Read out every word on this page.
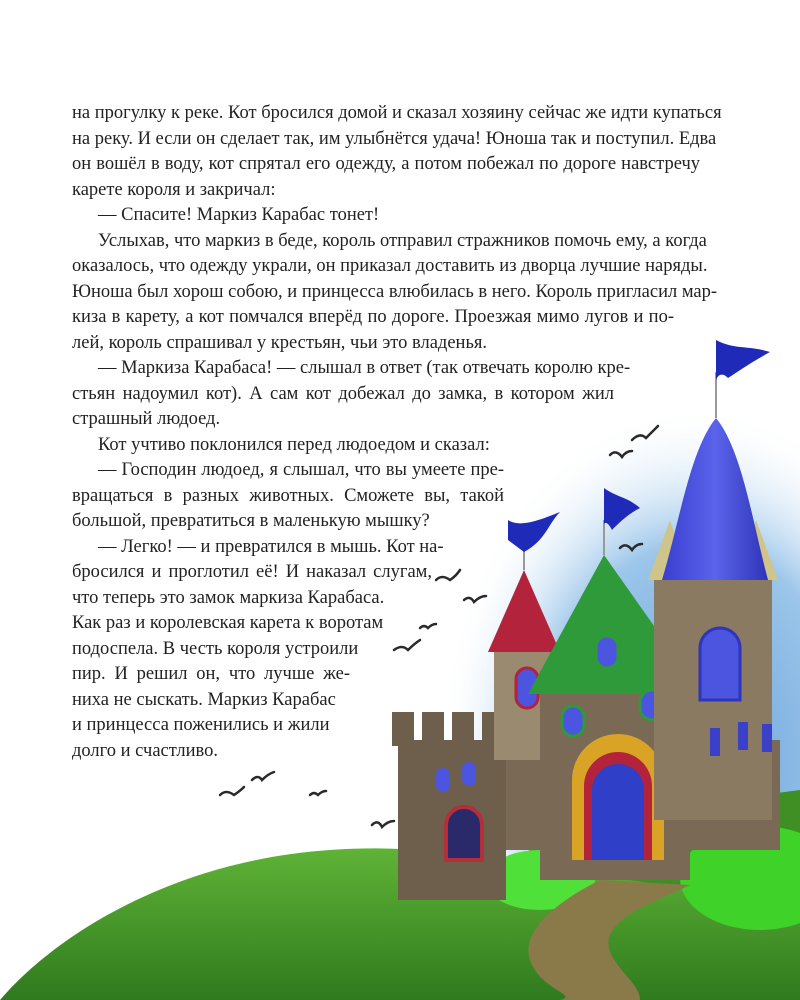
на прогулку к реке. Кот бросился домой и сказал хозяину сейчас же идти купаться
на реку. И если он сделает так, им улыбнётся удача! Юноша так и поступил. Едва
он вошёл в воду, кот спрятал его одежду, а потом побежал по дороге навстречу
карете короля и закричал:
— Спасите! Маркиз Карабас тонет!
Услыхав, что маркиз в беде, король отправил стражников помочь ему, а когда
оказалось, что одежду украли, он приказал доставить из дворца лучшие наряды.
Юноша был хорош собою, и принцесса влюбилась в него. Король пригласил мар-
киза в карету, а кот помчался вперёд по дороге. Проезжая мимо лугов и по-
лей, король спрашивал у крестьян, чьи это владенья.
— Маркиза Карабаса! — слышал в ответ (так отвечать королю кре-
стьян надоумил кот). А сам кот добежал до замка, в котором жил
страшный людоед.
Кот учтиво поклонился перед людоедом и сказал:
— Господин людоед, я слышал, что вы умеете пре-
вращаться в разных животных. Сможете вы, такой
большой, превратиться в маленькую мышку?
— Легко! — и превратился в мышь. Кот на-
бросился и проглотил её! И наказал слугам,
что теперь это замок маркиза Карабаса.
Как раз и королевская карета к воротам
подоспела. В честь короля устроили
пир. И решил он, что лучше же-
ниха не сыскать. Маркиз Карабас
и принцесса поженились и жили
долго и счастливо.
